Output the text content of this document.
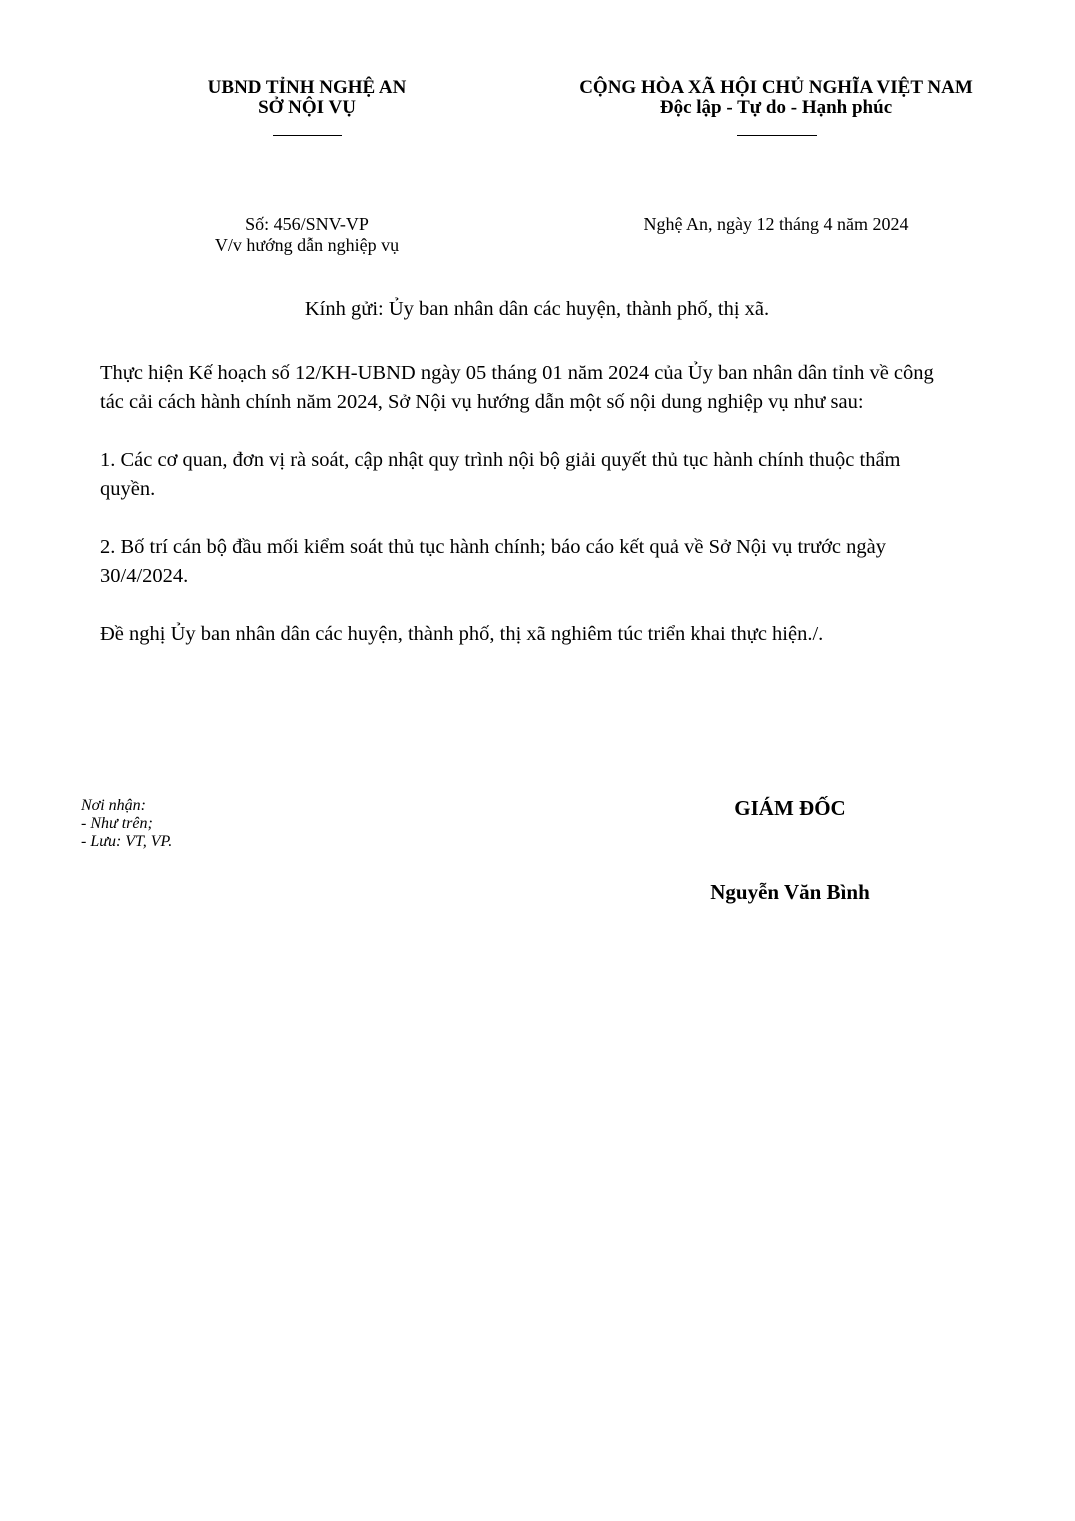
UBND TỈNH NGHỆ AN
SỞ NỘI VỤ
CỘNG HÒA XÃ HỘI CHỦ NGHĨA VIỆT NAM
Độc lập - Tự do - Hạnh phúc
Số: 456/SNV-VP
V/v hướng dẫn nghiệp vụ
Nghệ An, ngày 12 tháng 4 năm 2024
Kính gửi: Ủy ban nhân dân các huyện, thành phố, thị xã.
Thực hiện Kế hoạch số 12/KH-UBND ngày 05 tháng 01 năm 2024 của Ủy ban nhân dân tỉnh về công
tác cải cách hành chính năm 2024, Sở Nội vụ hướng dẫn một số nội dung nghiệp vụ như sau:
1. Các cơ quan, đơn vị rà soát, cập nhật quy trình nội bộ giải quyết thủ tục hành chính thuộc thẩm
quyền.
2. Bố trí cán bộ đầu mối kiểm soát thủ tục hành chính; báo cáo kết quả về Sở Nội vụ trước ngày
30/4/2024.
Đề nghị Ủy ban nhân dân các huyện, thành phố, thị xã nghiêm túc triển khai thực hiện./.
Nơi nhận:
- Như trên;
- Lưu: VT, VP.
GIÁM ĐỐC
Nguyễn Văn Bình
